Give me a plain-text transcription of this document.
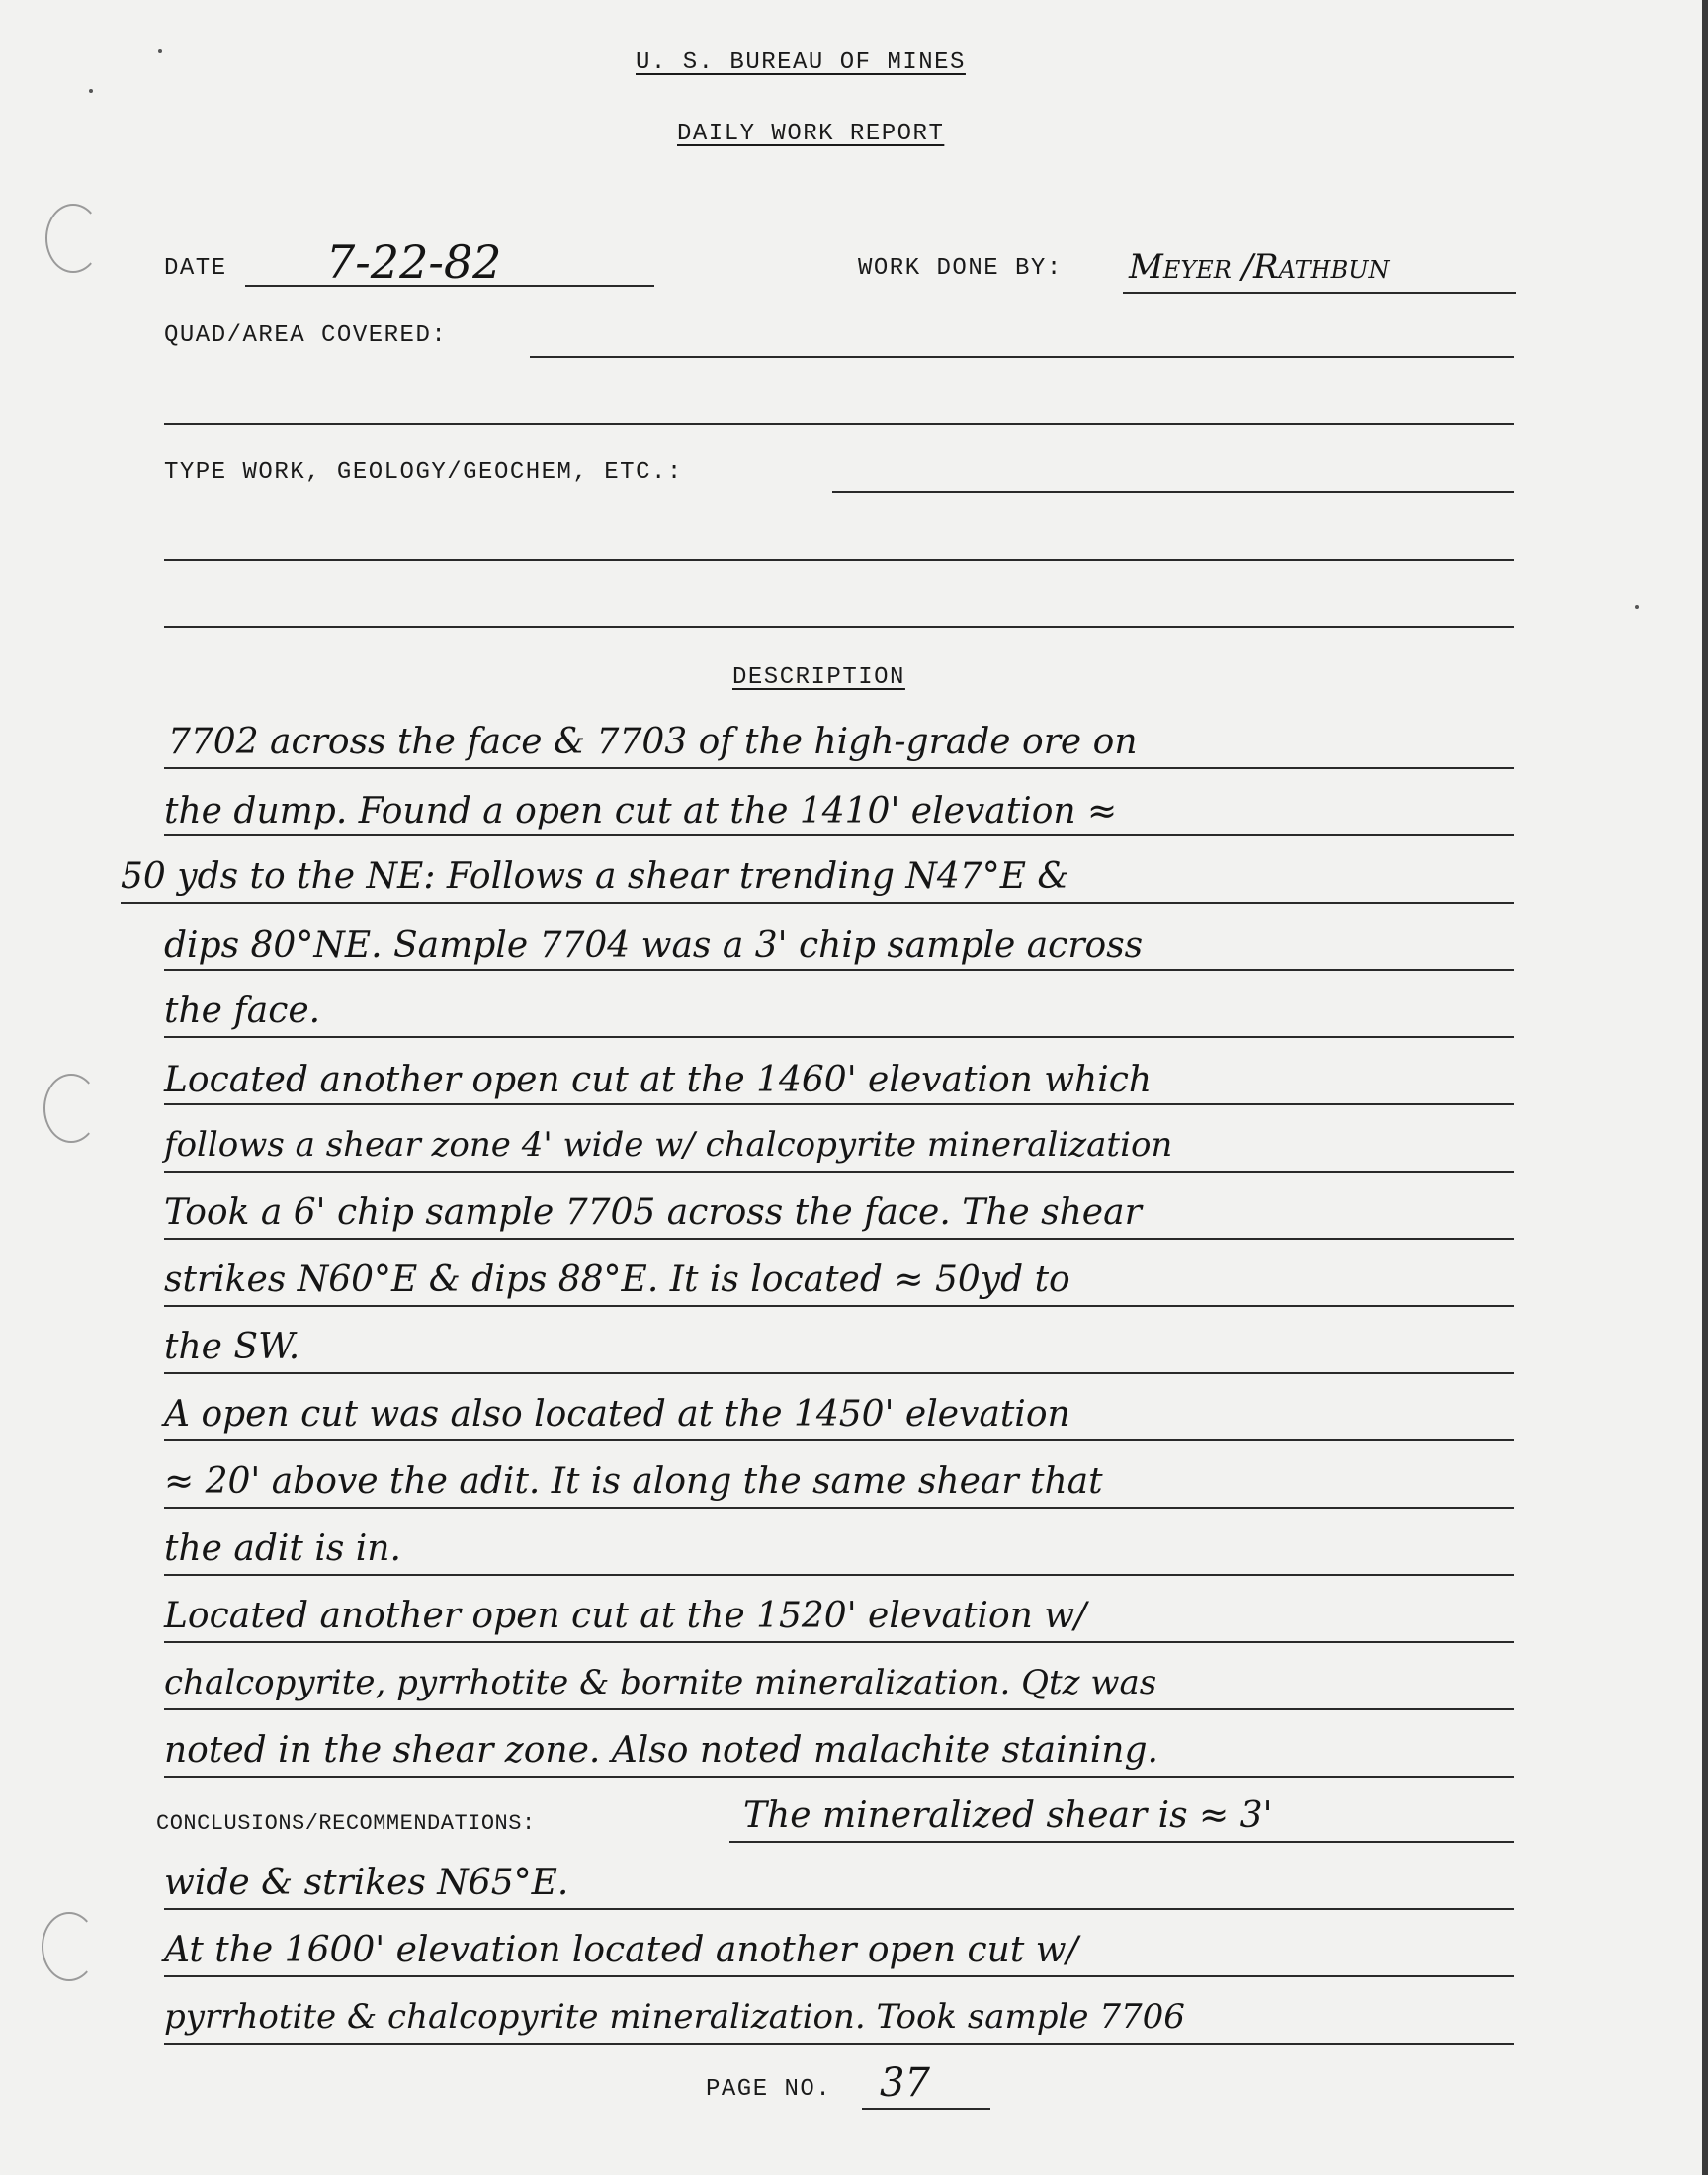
U. S. BUREAU OF MINES
DAILY WORK REPORT
DATE 7-22-82	WORK DONE BY: Meyer /Rathbun
QUAD/AREA COVERED:
TYPE WORK, GEOLOGY/GEOCHEM, ETC.:
DESCRIPTION
7702 across the face & 7703 of the high-grade ore on
the dump. Found a open cut at the 1410' elevation ≈
50 yds to the NE: Follows a shear trending N47°E &
dips 80°NE. Sample 7704 was a 3' chip sample across
the face.
Located another open cut at the 1460' elevation which
follows a shear zone 4' wide w/ chalcopyrite mineralization
Took a 6' chip sample 7705 across the face. The shear
strikes N60°E & dips 88°E. It is located ≈ 50yd to
the SW.
A open cut was also located at the 1450' elevation
≈ 20' above the adit. It is along the same shear that
the adit is in.
Located another open cut at the 1520' elevation w/
chalcopyrite, pyrrhotite & bornite mineralization. Qtz was
noted in the shear zone. Also noted malachite staining.
CONCLUSIONS/RECOMMENDATIONS:	The mineralized shear is ≈ 3'
wide & strikes N65°E.
At the 1600' elevation located another open cut w/
pyrrhotite & chalcopyrite mineralization. Took sample 7706
PAGE NO. 37
